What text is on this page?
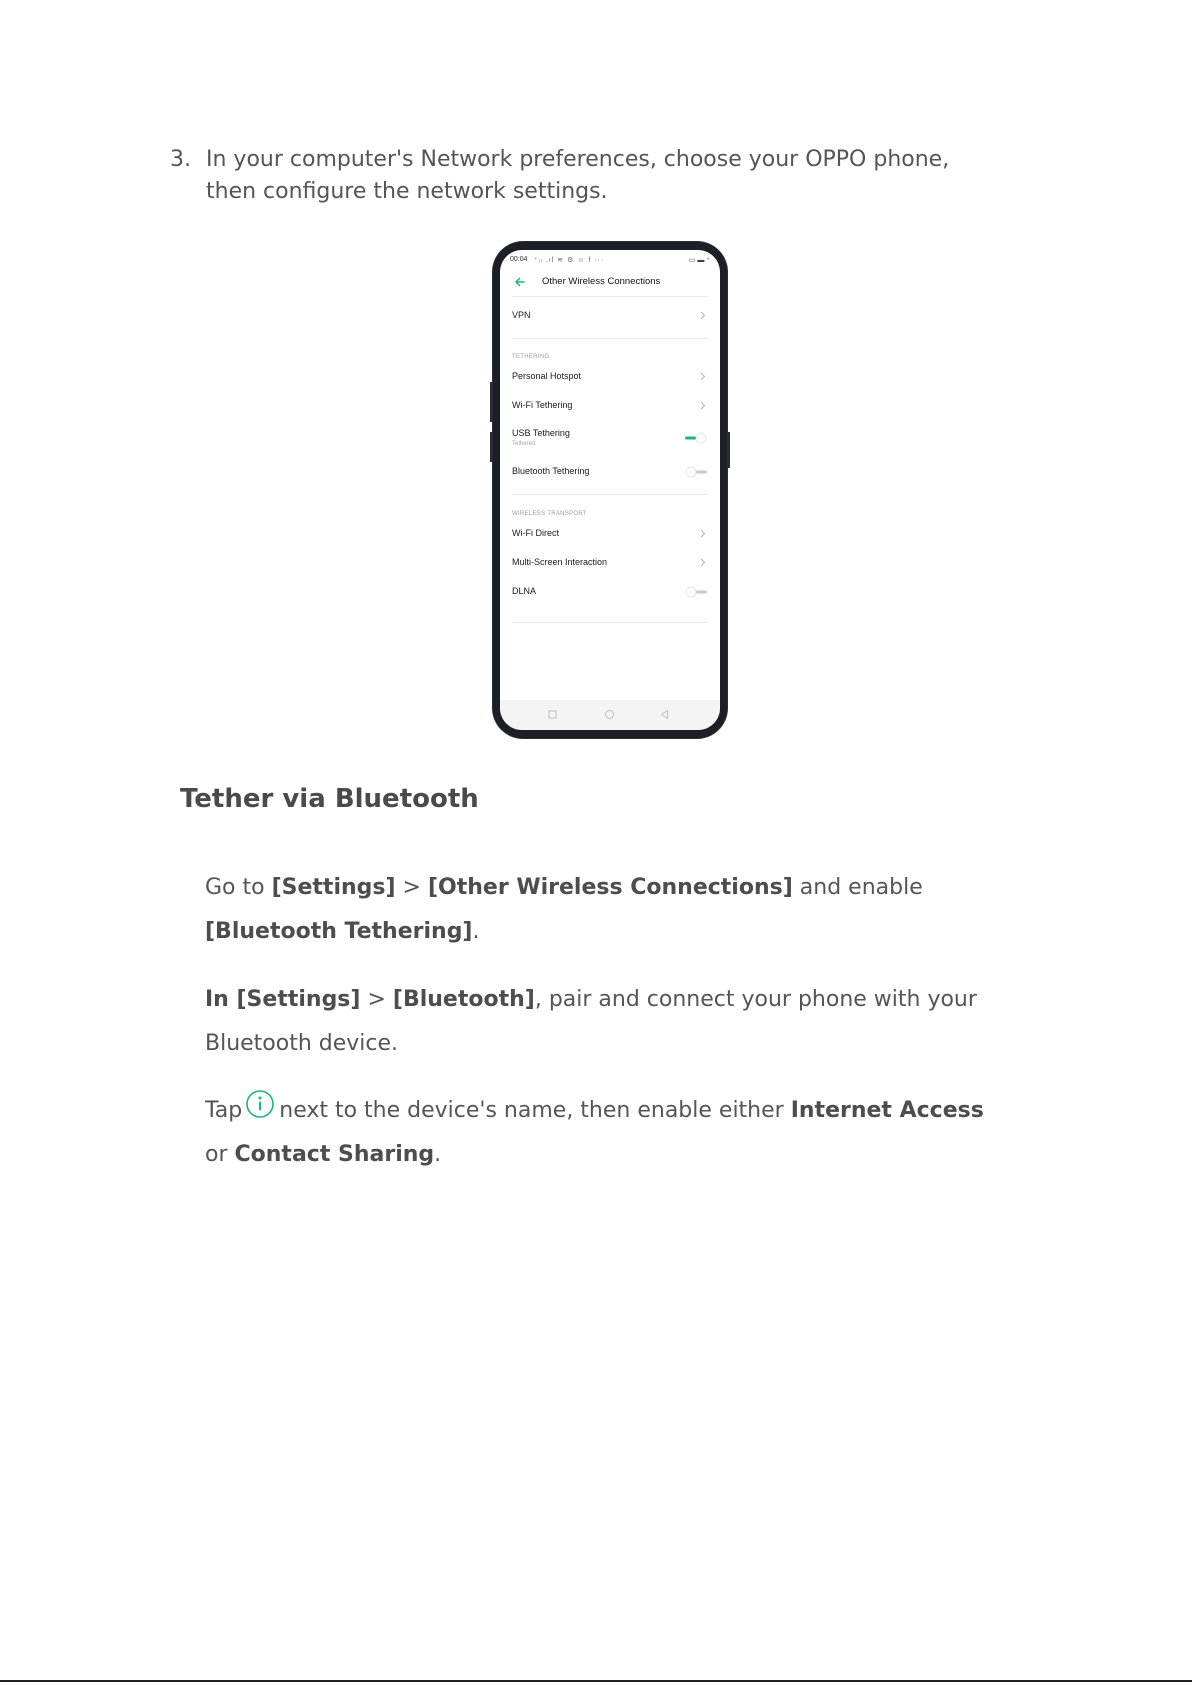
3. In your computer's Network preferences, choose your OPPO phone, then configure the network settings.
00:04 ⁺ᵢₗ .ıl ≋ ⚙ ☺ f ···	▭ ▬ ⁺
Other Wireless Connections
VPN
TETHERING
Personal Hotspot
Wi-Fi Tethering
USB Tethering
Tethered
Bluetooth Tethering
WIRELESS TRANSPORT
Wi-Fi Direct
Multi-Screen Interaction
DLNA
Tether via Bluetooth
Go to [Settings] > [Other Wireless Connections] and enable [Bluetooth Tethering].
In [Settings] > [Bluetooth], pair and connect your phone with your Bluetooth device.
Tap next to the device's name, then enable either Internet Access or Contact Sharing.
